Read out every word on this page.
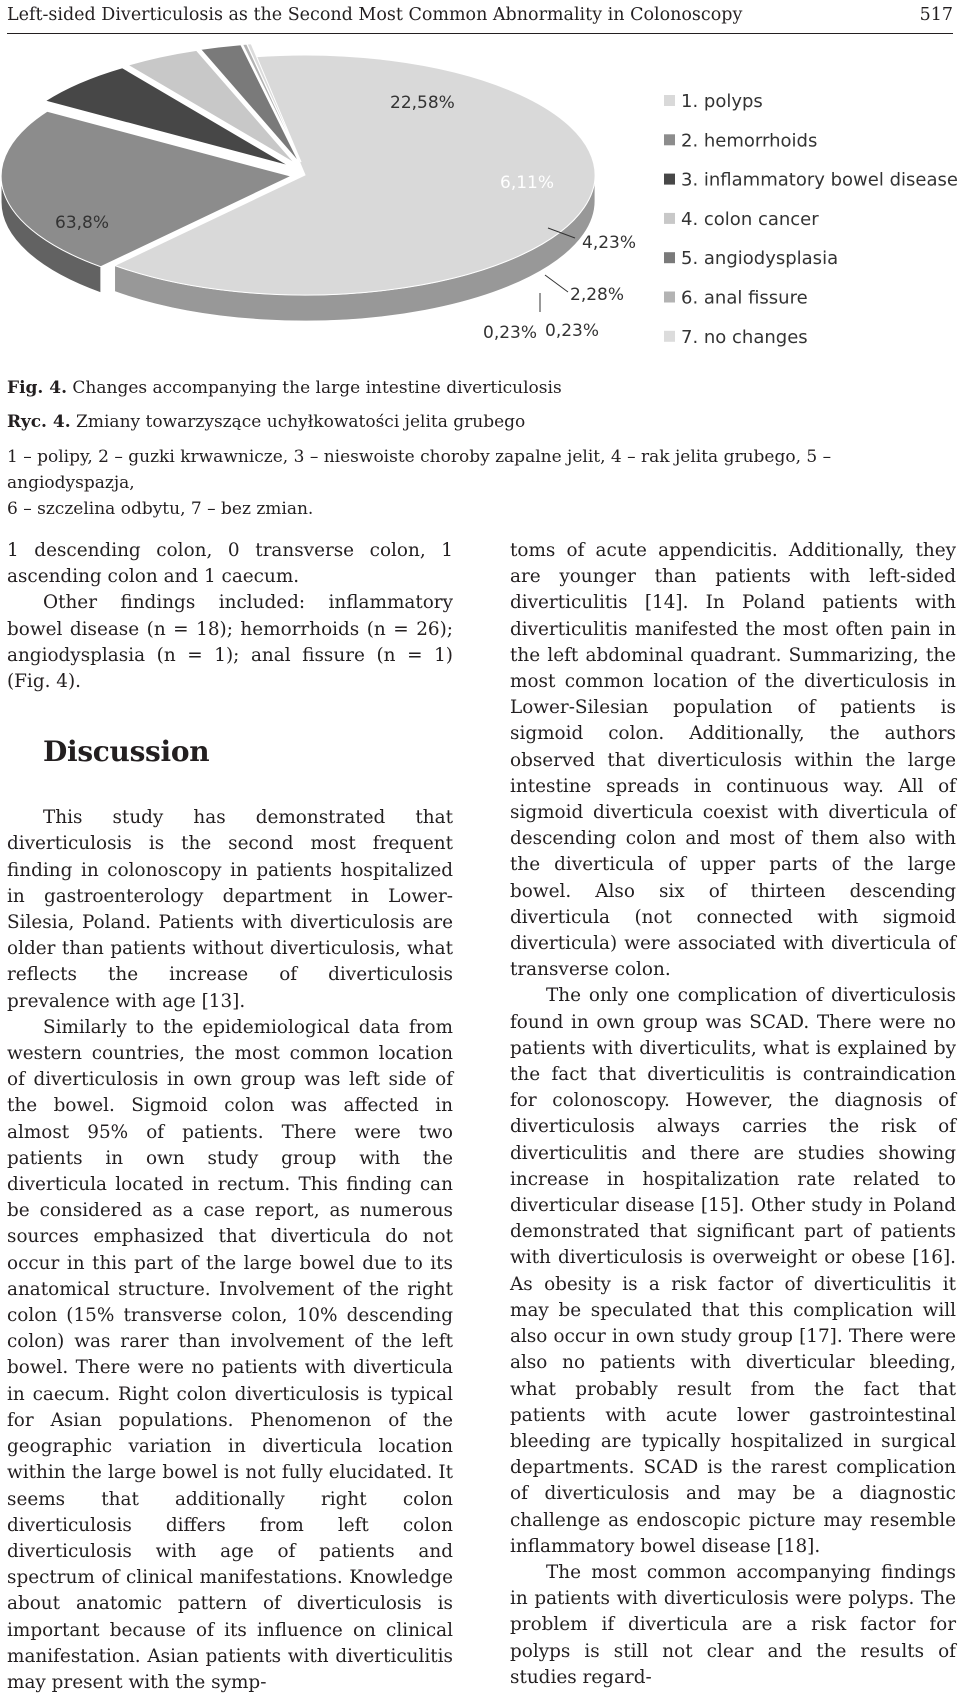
Left-sided Diverticulosis as the Second Most Common Abnormality in Colonoscopy	517
63,8%
22,58%
6,11%
4,23%
2,28%
0,23% 0,23%
1. polyps
2. hemorrhoids
3. inflammatory bowel disease
4. colon cancer
5. angiodysplasia
6. anal fissure
7. no changes
Fig. 4. Changes accompanying the large intestine diverticulosis
Ryc. 4. Zmiany towarzyszące uchyłkowatości jelita grubego
1 – polipy, 2 – guzki krwawnicze, 3 – nieswoiste choroby zapalne jelit, 4 – rak jelita grubego, 5 – angiodyspazja,
6 – szczelina odbytu, 7 – bez zmian.

1 descending colon, 0 transverse colon, 1 ascending colon and 1 caecum.

Other findings included: inflammatory bowel disease (n = 18); hemorrhoids (n = 26); angiodysplasia (n = 1); anal fissure (n = 1) (Fig. 4).

Discussion

This study has demonstrated that diverticulosis is the second most frequent finding in colonoscopy in patients hospitalized in gastroenterology department in Lower-Silesia, Poland. Patients with diverticulosis are older than patients without diverticulosis, what reflects the increase of diverticulosis prevalence with age [13].

Similarly to the epidemiological data from western countries, the most common location of diverticulosis in own group was left side of the bowel. Sigmoid colon was affected in almost 95% of patients. There were two patients in own study group with the diverticula located in rectum. This finding can be considered as a case report, as numerous sources emphasized that diverticula do not occur in this part of the large bowel due to its anatomical structure. Involvement of the right colon (15% transverse colon, 10% descending colon) was rarer than involvement of the left bowel. There were no patients with diverticula in caecum. Right colon diverticulosis is typical for Asian populations. Phenomenon of the geographic variation in diverticula location within the large bowel is not fully elucidated. It seems that additionally right colon diverticulosis differs from left colon diverticulosis with age of patients and spectrum of clinical manifestations. Knowledge about anatomic pattern of diverticulosis is important because of its influence on clinical manifestation. Asian patients with diverticulitis may present with the symp-

toms of acute appendicitis. Additionally, they are younger than patients with left-sided diverticulitis [14]. In Poland patients with diverticulitis manifested the most often pain in the left abdominal quadrant. Summarizing, the most common location of the diverticulosis in Lower-Silesian population of patients is sigmoid colon. Additionally, the authors observed that diverticulosis within the large intestine spreads in continuous way. All of sigmoid diverticula coexist with diverticula of descending colon and most of them also with the diverticula of upper parts of the large bowel. Also six of thirteen descending diverticula (not connected with sigmoid diverticula) were associated with diverticula of transverse colon.

The only one complication of diverticulosis found in own group was SCAD. There were no patients with diverticulits, what is explained by the fact that diverticulitis is contraindication for colonoscopy. However, the diagnosis of diverticulosis always carries the risk of diverticulitis and there are studies showing increase in hospitalization rate related to diverticular disease [15]. Other study in Poland demonstrated that significant part of patients with diverticulosis is overweight or obese [16]. As obesity is a risk factor of diverticulitis it may be speculated that this complication will also occur in own study group [17]. There were also no patients with diverticular bleeding, what probably result from the fact that patients with acute lower gastrointestinal bleeding are typically hospitalized in surgical departments. SCAD is the rarest complication of diverticulosis and may be a diagnostic challenge as endoscopic picture may resemble inflammatory bowel disease [18].

The most common accompanying findings in patients with diverticulosis were polyps. The problem if diverticula are a risk factor for polyps is still not clear and the results of studies regard-
